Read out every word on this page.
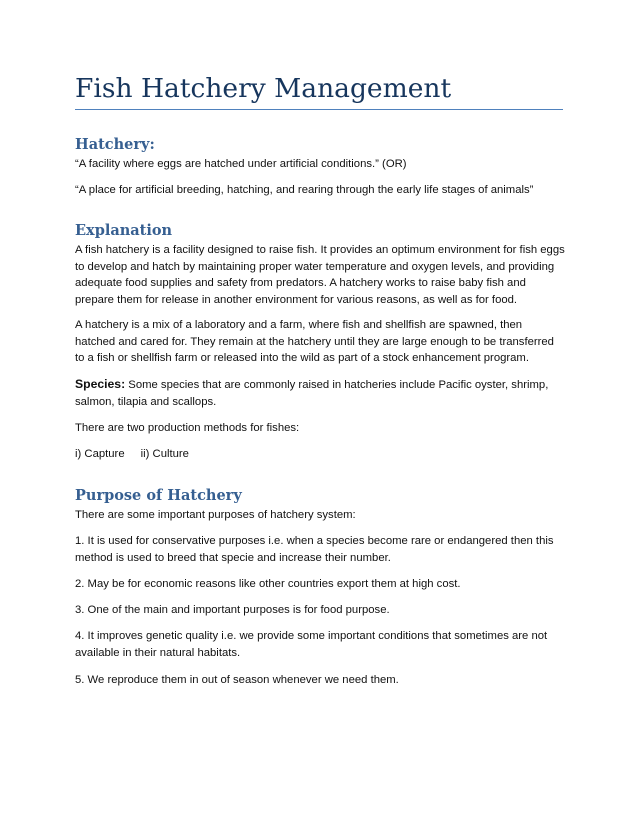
Fish Hatchery Management
Hatchery:

“A facility where eggs are hatched under artificial conditions.” (OR)

“A place for artificial breeding, hatching, and rearing through the early life stages of animals”

Explanation

A fish hatchery is a facility designed to raise fish. It provides an optimum environment for fish eggs to develop and hatch by maintaining proper water temperature and oxygen levels, and providing adequate food supplies and safety from predators. A hatchery works to raise baby fish and prepare them for release in another environment for various reasons, as well as for food.

A hatchery is a mix of a laboratory and a farm, where fish and shellfish are spawned, then hatched and cared for. They remain at the hatchery until they are large enough to be transferred to a fish or shellfish farm or released into the wild as part of a stock enhancement program.

Species: Some species that are commonly raised in hatcheries include Pacific oyster, shrimp, salmon, tilapia and scallops.

There are two production methods for fishes:

i) Capture ii) Culture

Purpose of Hatchery

There are some important purposes of hatchery system:

1. It is used for conservative purposes i.e. when a species become rare or endangered then this method is used to breed that specie and increase their number.

2. May be for economic reasons like other countries export them at high cost.

3. One of the main and important purposes is for food purpose.

4. It improves genetic quality i.e. we provide some important conditions that sometimes are not available in their natural habitats.

5. We reproduce them in out of season whenever we need them.
